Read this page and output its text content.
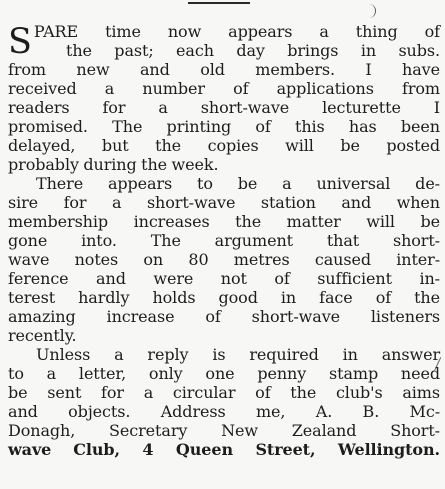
S PARE time now appears a thing of
the past; each day brings in subs.
from new and old members. I have
received a number of applications from
readers for a short-wave lecturette I
promised. The printing of this has been
delayed, but the copies will be posted
probably during the week.

There appears to be a universal de-
sire for a short-wave station and when
membership increases the matter will be
gone into. The argument that short-
wave notes on 80 metres caused inter-
ference and were not of sufficient in-
terest hardly holds good in face of the
amazing increase of short-wave listeners
recently.

Unless a reply is required in answer
to a letter, only one penny stamp need
be sent for a circular of the club's aims
and objects. Address me, A. B. Mc-
Donagh, Secretary New Zealand Short-
wave Club, 4 Queen Street, Wellington.
